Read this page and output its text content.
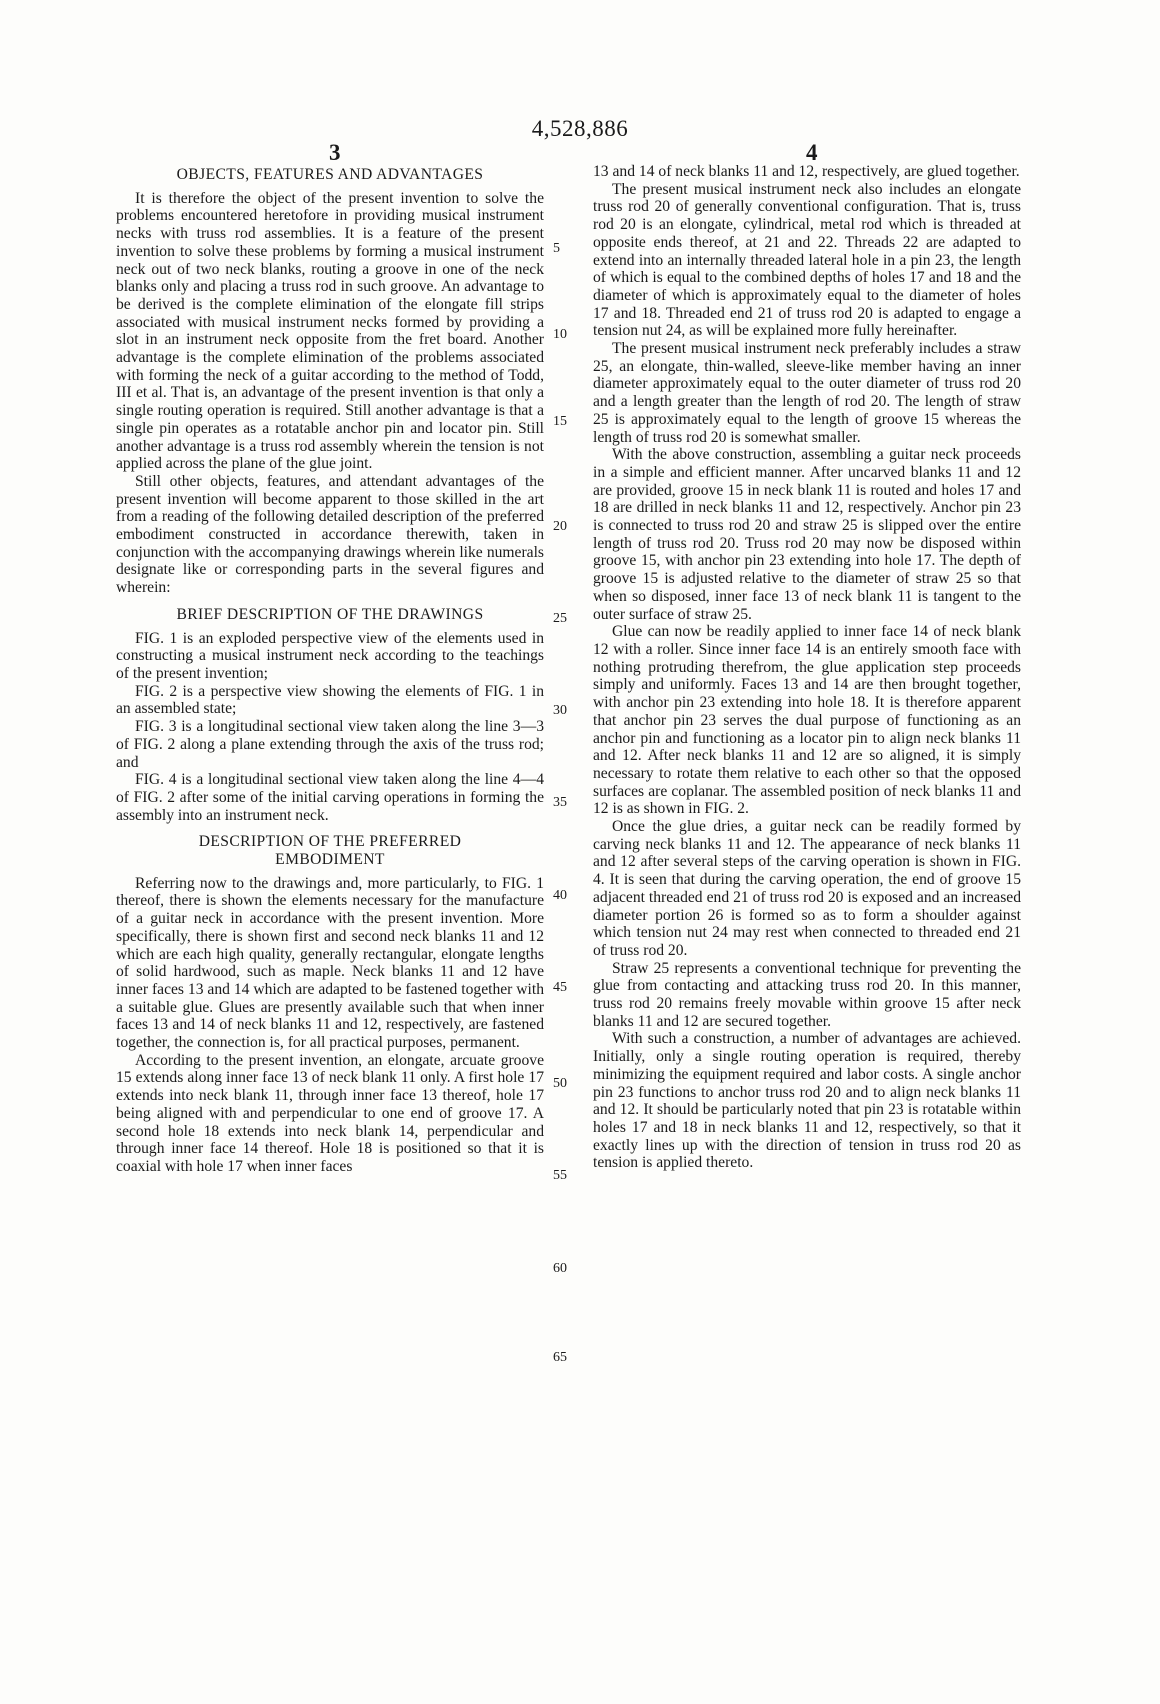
4,528,886
3	4
OBJECTS, FEATURES AND ADVANTAGES

It is therefore the object of the present invention to solve the problems encountered heretofore in providing musical instrument necks with truss rod assemblies. It is a feature of the present invention to solve these problems by forming a musical instrument neck out of two neck blanks, routing a groove in one of the neck blanks only and placing a truss rod in such groove. An advantage to be derived is the complete elimination of the elongate fill strips associated with musical instrument necks formed by providing a slot in an instrument neck opposite from the fret board. Another advantage is the complete elimination of the problems associated with forming the neck of a guitar according to the method of Todd, III et al. That is, an advantage of the present invention is that only a single routing operation is required. Still another advantage is that a single pin operates as a rotatable anchor pin and locator pin. Still another advantage is a truss rod assembly wherein the tension is not applied across the plane of the glue joint.

Still other objects, features, and attendant advantages of the present invention will become apparent to those skilled in the art from a reading of the following detailed description of the preferred embodiment constructed in accordance therewith, taken in conjunction with the accompanying drawings wherein like numerals designate like or corresponding parts in the several figures and wherein:

BRIEF DESCRIPTION OF THE DRAWINGS

FIG. 1 is an exploded perspective view of the elements used in constructing a musical instrument neck according to the teachings of the present invention;

FIG. 2 is a perspective view showing the elements of FIG. 1 in an assembled state;

FIG. 3 is a longitudinal sectional view taken along the line 3—3 of FIG. 2 along a plane extending through the axis of the truss rod; and

FIG. 4 is a longitudinal sectional view taken along the line 4—4 of FIG. 2 after some of the initial carving operations in forming the assembly into an instrument neck.

DESCRIPTION OF THE PREFERRED
EMBODIMENT

Referring now to the drawings and, more particularly, to FIG. 1 thereof, there is shown the elements necessary for the manufacture of a guitar neck in accordance with the present invention. More specifically, there is shown first and second neck blanks 11 and 12 which are each high quality, generally rectangular, elongate lengths of solid hardwood, such as maple. Neck blanks 11 and 12 have inner faces 13 and 14 which are adapted to be fastened together with a suitable glue. Glues are presently available such that when inner faces 13 and 14 of neck blanks 11 and 12, respectively, are fastened together, the connection is, for all practical purposes, permanent.

According to the present invention, an elongate, arcuate groove 15 extends along inner face 13 of neck blank 11 only. A first hole 17 extends into neck blank 11, through inner face 13 thereof, hole 17 being aligned with and perpendicular to one end of groove 17. A second hole 18 extends into neck blank 14, perpendicular and through inner face 14 thereof. Hole 18 is positioned so that it is coaxial with hole 17 when inner faces

13 and 14 of neck blanks 11 and 12, respectively, are glued together.

The present musical instrument neck also includes an elongate truss rod 20 of generally conventional configuration. That is, truss rod 20 is an elongate, cylindrical, metal rod which is threaded at opposite ends thereof, at 21 and 22. Threads 22 are adapted to extend into an internally threaded lateral hole in a pin 23, the length of which is equal to the combined depths of holes 17 and 18 and the diameter of which is approximately equal to the diameter of holes 17 and 18. Threaded end 21 of truss rod 20 is adapted to engage a tension nut 24, as will be explained more fully hereinafter.

The present musical instrument neck preferably includes a straw 25, an elongate, thin-walled, sleeve-like member having an inner diameter approximately equal to the outer diameter of truss rod 20 and a length greater than the length of rod 20. The length of straw 25 is approximately equal to the length of groove 15 whereas the length of truss rod 20 is somewhat smaller.

With the above construction, assembling a guitar neck proceeds in a simple and efficient manner. After uncarved blanks 11 and 12 are provided, groove 15 in neck blank 11 is routed and holes 17 and 18 are drilled in neck blanks 11 and 12, respectively. Anchor pin 23 is connected to truss rod 20 and straw 25 is slipped over the entire length of truss rod 20. Truss rod 20 may now be disposed within groove 15, with anchor pin 23 extending into hole 17. The depth of groove 15 is adjusted relative to the diameter of straw 25 so that when so disposed, inner face 13 of neck blank 11 is tangent to the outer surface of straw 25.

Glue can now be readily applied to inner face 14 of neck blank 12 with a roller. Since inner face 14 is an entirely smooth face with nothing protruding therefrom, the glue application step proceeds simply and uniformly. Faces 13 and 14 are then brought together, with anchor pin 23 extending into hole 18. It is therefore apparent that anchor pin 23 serves the dual purpose of functioning as an anchor pin and functioning as a locator pin to align neck blanks 11 and 12. After neck blanks 11 and 12 are so aligned, it is simply necessary to rotate them relative to each other so that the opposed surfaces are coplanar. The assembled position of neck blanks 11 and 12 is as shown in FIG. 2.

Once the glue dries, a guitar neck can be readily formed by carving neck blanks 11 and 12. The appearance of neck blanks 11 and 12 after several steps of the carving operation is shown in FIG. 4. It is seen that during the carving operation, the end of groove 15 adjacent threaded end 21 of truss rod 20 is exposed and an increased diameter portion 26 is formed so as to form a shoulder against which tension nut 24 may rest when connected to threaded end 21 of truss rod 20.

Straw 25 represents a conventional technique for preventing the glue from contacting and attacking truss rod 20. In this manner, truss rod 20 remains freely movable within groove 15 after neck blanks 11 and 12 are secured together.

With such a construction, a number of advantages are achieved. Initially, only a single routing operation is required, thereby minimizing the equipment required and labor costs. A single anchor pin 23 functions to anchor truss rod 20 and to align neck blanks 11 and 12. It should be particularly noted that pin 23 is rotatable within holes 17 and 18 in neck blanks 11 and 12, respectively, so that it exactly lines up with the direction of tension in truss rod 20 as tension is applied thereto.

5
10
15
20
25
30
35
40
45
50
55
60
65
